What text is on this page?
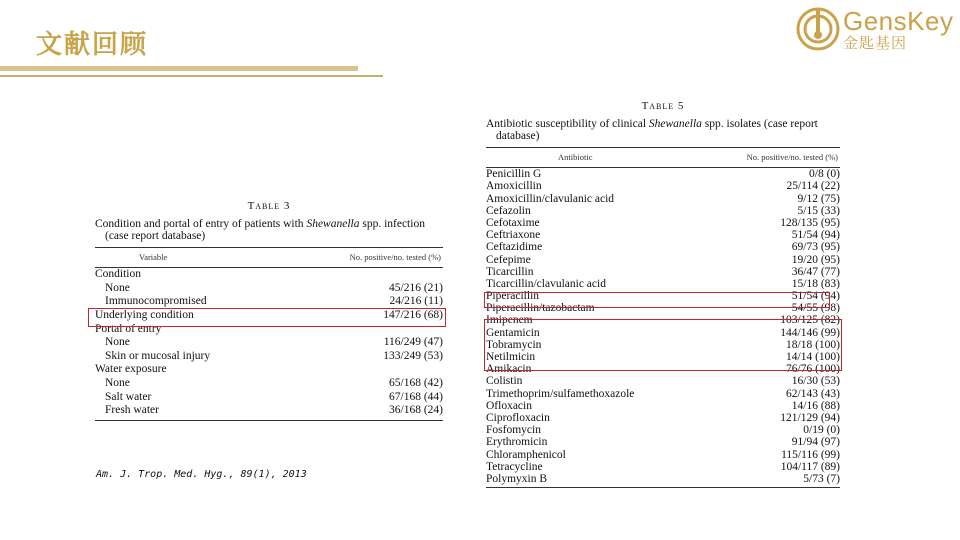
文献回顾
GensKey
金匙基因
Table 3
Condition and portal of entry of patients with Shewanella spp. infection
(case report database)
Variable	No. positive/no. tested (%)
Condition
None	45/216 (21)
Immunocompromised	24/216 (11)
Underlying condition	147/216 (68)
Portal of entry
None	116/249 (47)
Skin or mucosal injury	133/249 (53)
Water exposure
None	65/168 (42)
Salt water	67/168 (44)
Fresh water	36/168 (24)
Table 5
Antibiotic susceptibility of clinical Shewanella spp. isolates (case report
database)
Antibiotic	No. positive/no. tested (%)
Penicillin G	0/8 (0)
Amoxicillin	25/114 (22)
Amoxicillin/clavulanic acid	9/12 (75)
Cefazolin	5/15 (33)
Cefotaxime	128/135 (95)
Ceftriaxone	51/54 (94)
Ceftazidime	69/73 (95)
Cefepime	19/20 (95)
Ticarcillin	36/47 (77)
Ticarcillin/clavulanic acid	15/18 (83)
Piperacillin	51/54 (94)
Piperacillin/tazobactam	54/55 (98)
Imipenem	103/125 (82)
Gentamicin	144/146 (99)
Tobramycin	18/18 (100)
Netilmicin	14/14 (100)
Amikacin	76/76 (100)
Colistin	16/30 (53)
Trimethoprim/sulfamethoxazole	62/143 (43)
Ofloxacin	14/16 (88)
Ciprofloxacin	121/129 (94)
Fosfomycin	0/19 (0)
Erythromicin	91/94 (97)
Chloramphenicol	115/116 (99)
Tetracycline	104/117 (89)
Polymyxin B	5/73 (7)
Am. J. Trop. Med. Hyg., 89(1), 2013
